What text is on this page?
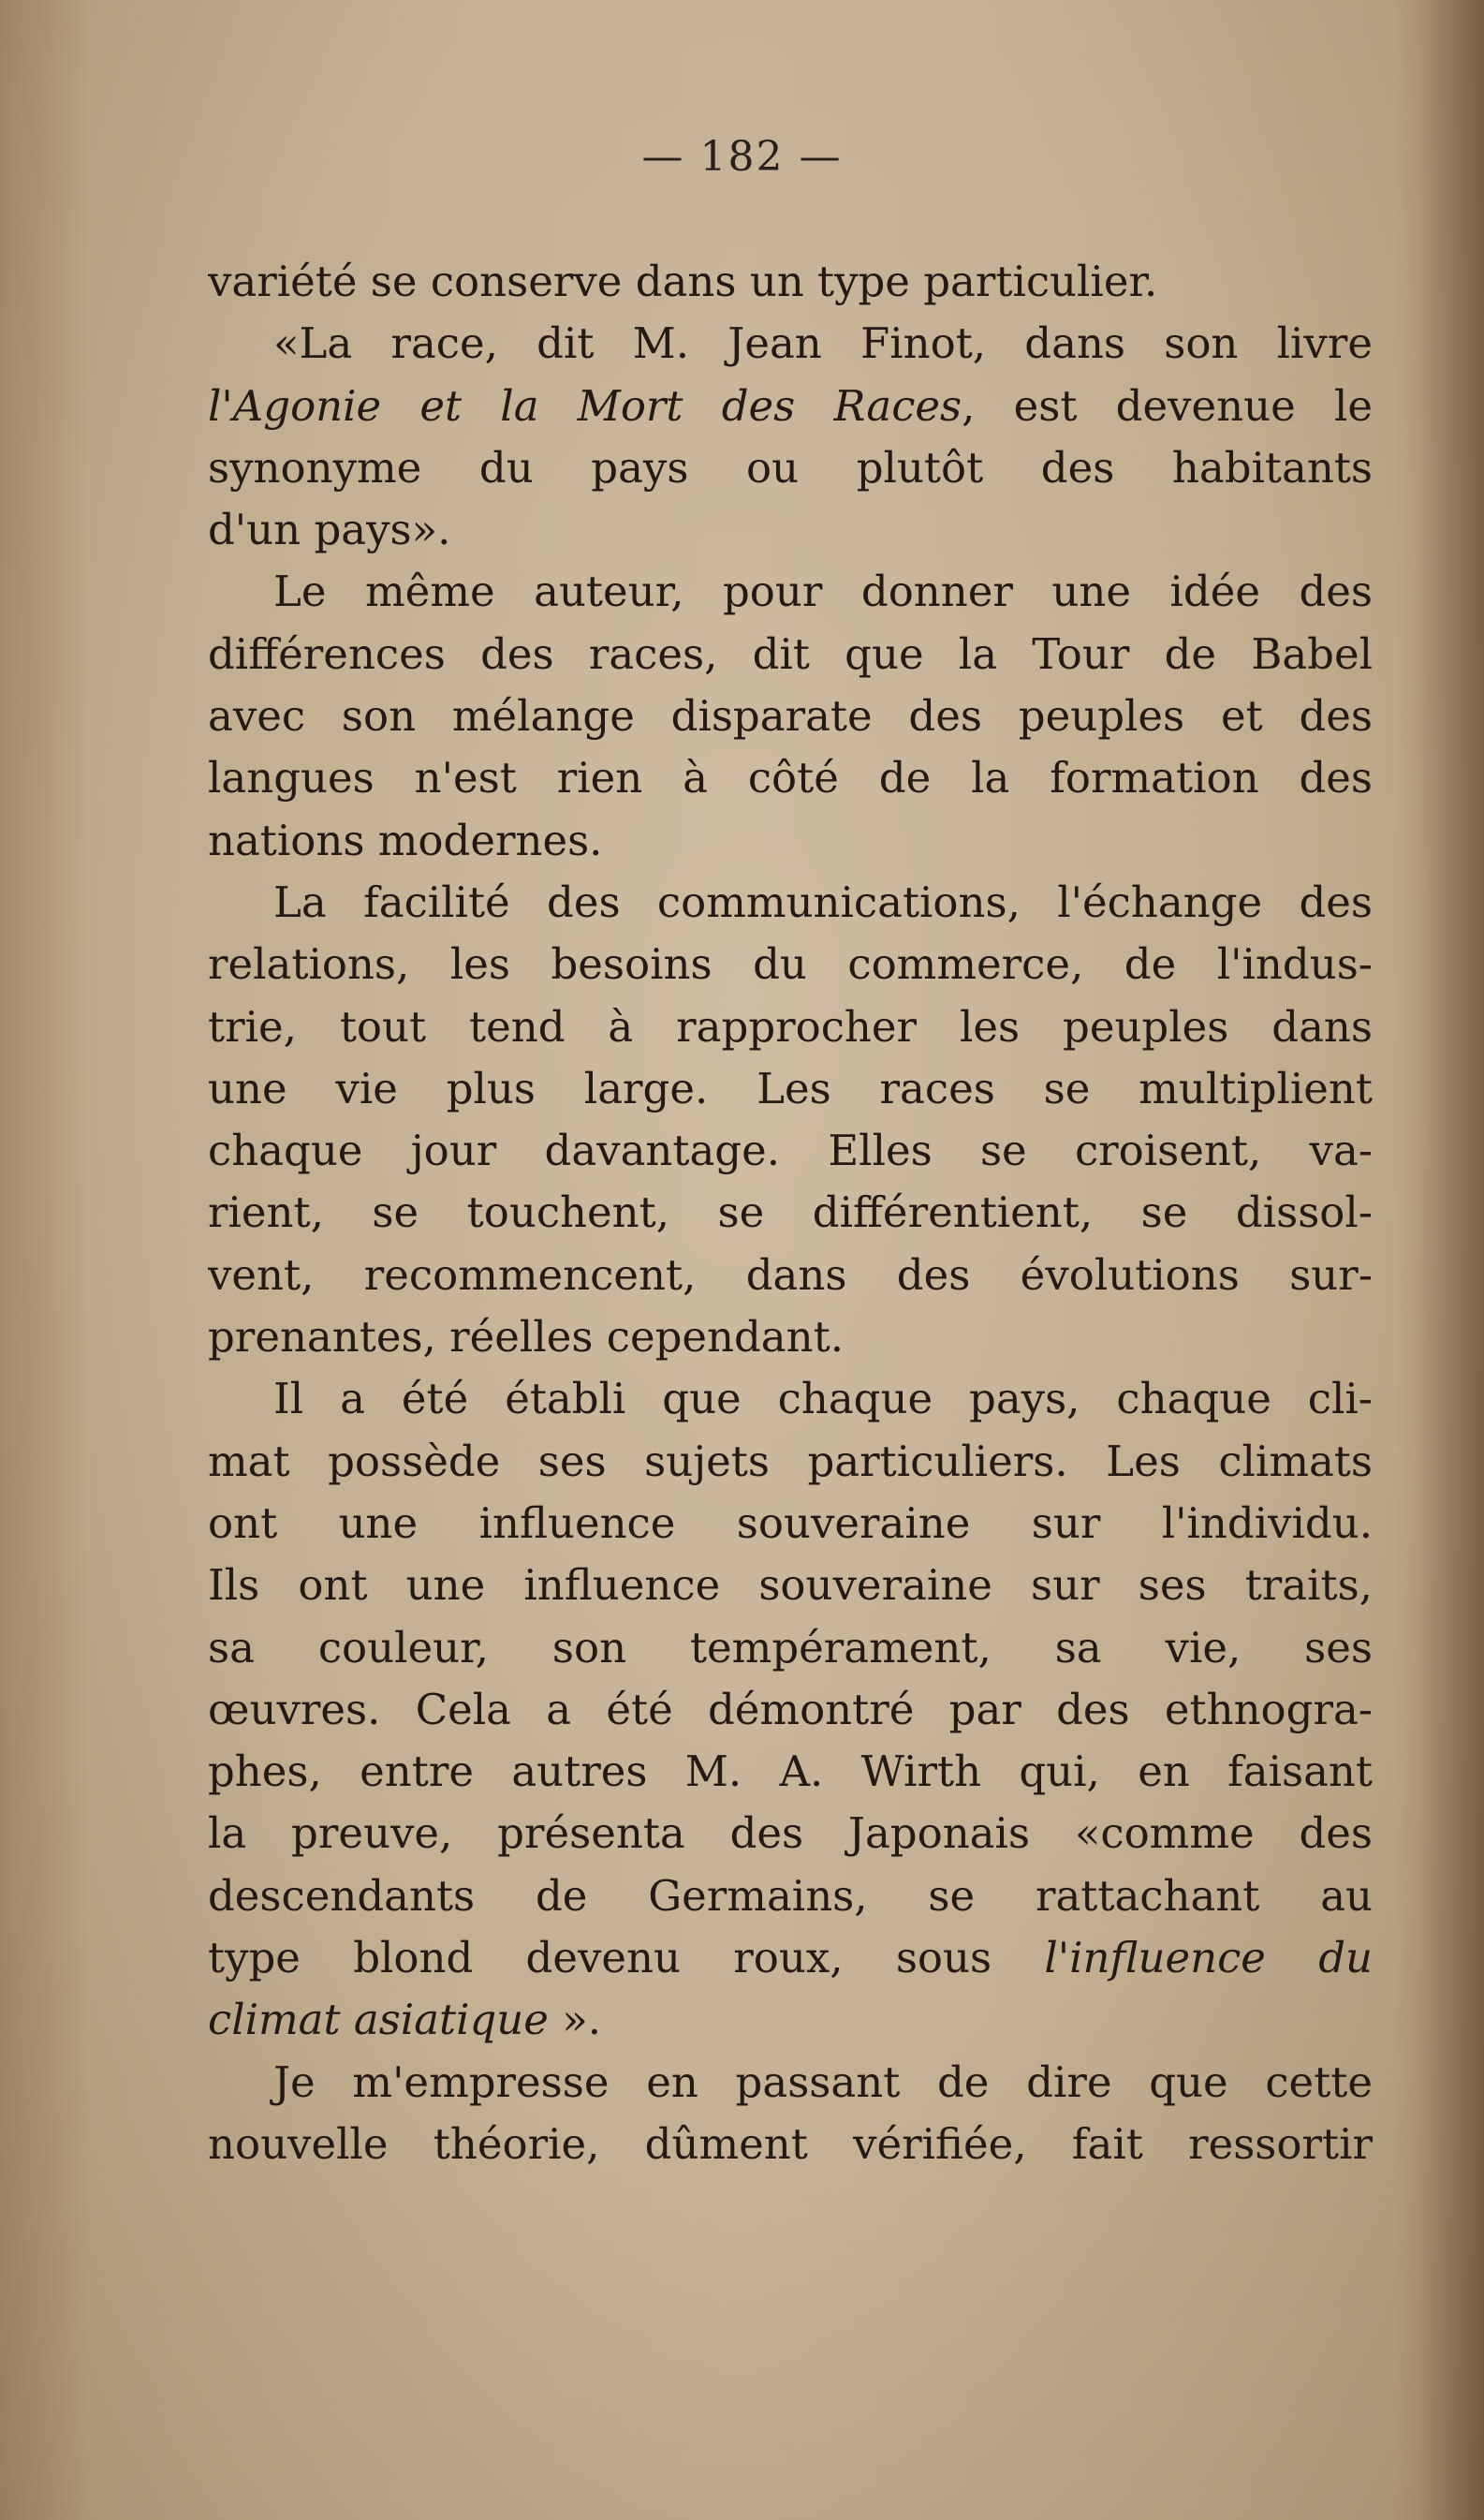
— 182 —
variété se conserve dans un type particulier.
«La race, dit M. Jean Finot, dans son livre
l'Agonie et la Mort des Races, est devenue le
synonyme du pays ou plutôt des habitants
d'un pays».
Le même auteur, pour donner une idée des
différences des races, dit que la Tour de Babel
avec son mélange disparate des peuples et des
langues n'est rien à côté de la formation des
nations modernes.
La facilité des communications, l'échange des
relations, les besoins du commerce, de l'indus-
trie, tout tend à rapprocher les peuples dans
une vie plus large. Les races se multiplient
chaque jour davantage. Elles se croisent, va-
rient, se touchent, se différentient, se dissol-
vent, recommencent, dans des évolutions sur-
prenantes, réelles cependant.
Il a été établi que chaque pays, chaque cli-
mat possède ses sujets particuliers. Les climats
ont une influence souveraine sur l'individu.
Ils ont une influence souveraine sur ses traits,
sa couleur, son tempérament, sa vie, ses
œuvres. Cela a été démontré par des ethnogra-
phes, entre autres M. A. Wirth qui, en faisant
la preuve, présenta des Japonais «comme des
descendants de Germains, se rattachant au
type blond devenu roux, sous l'influence du
climat asiatique ».
Je m'empresse en passant de dire que cette
nouvelle théorie, dûment vérifiée, fait ressortir
